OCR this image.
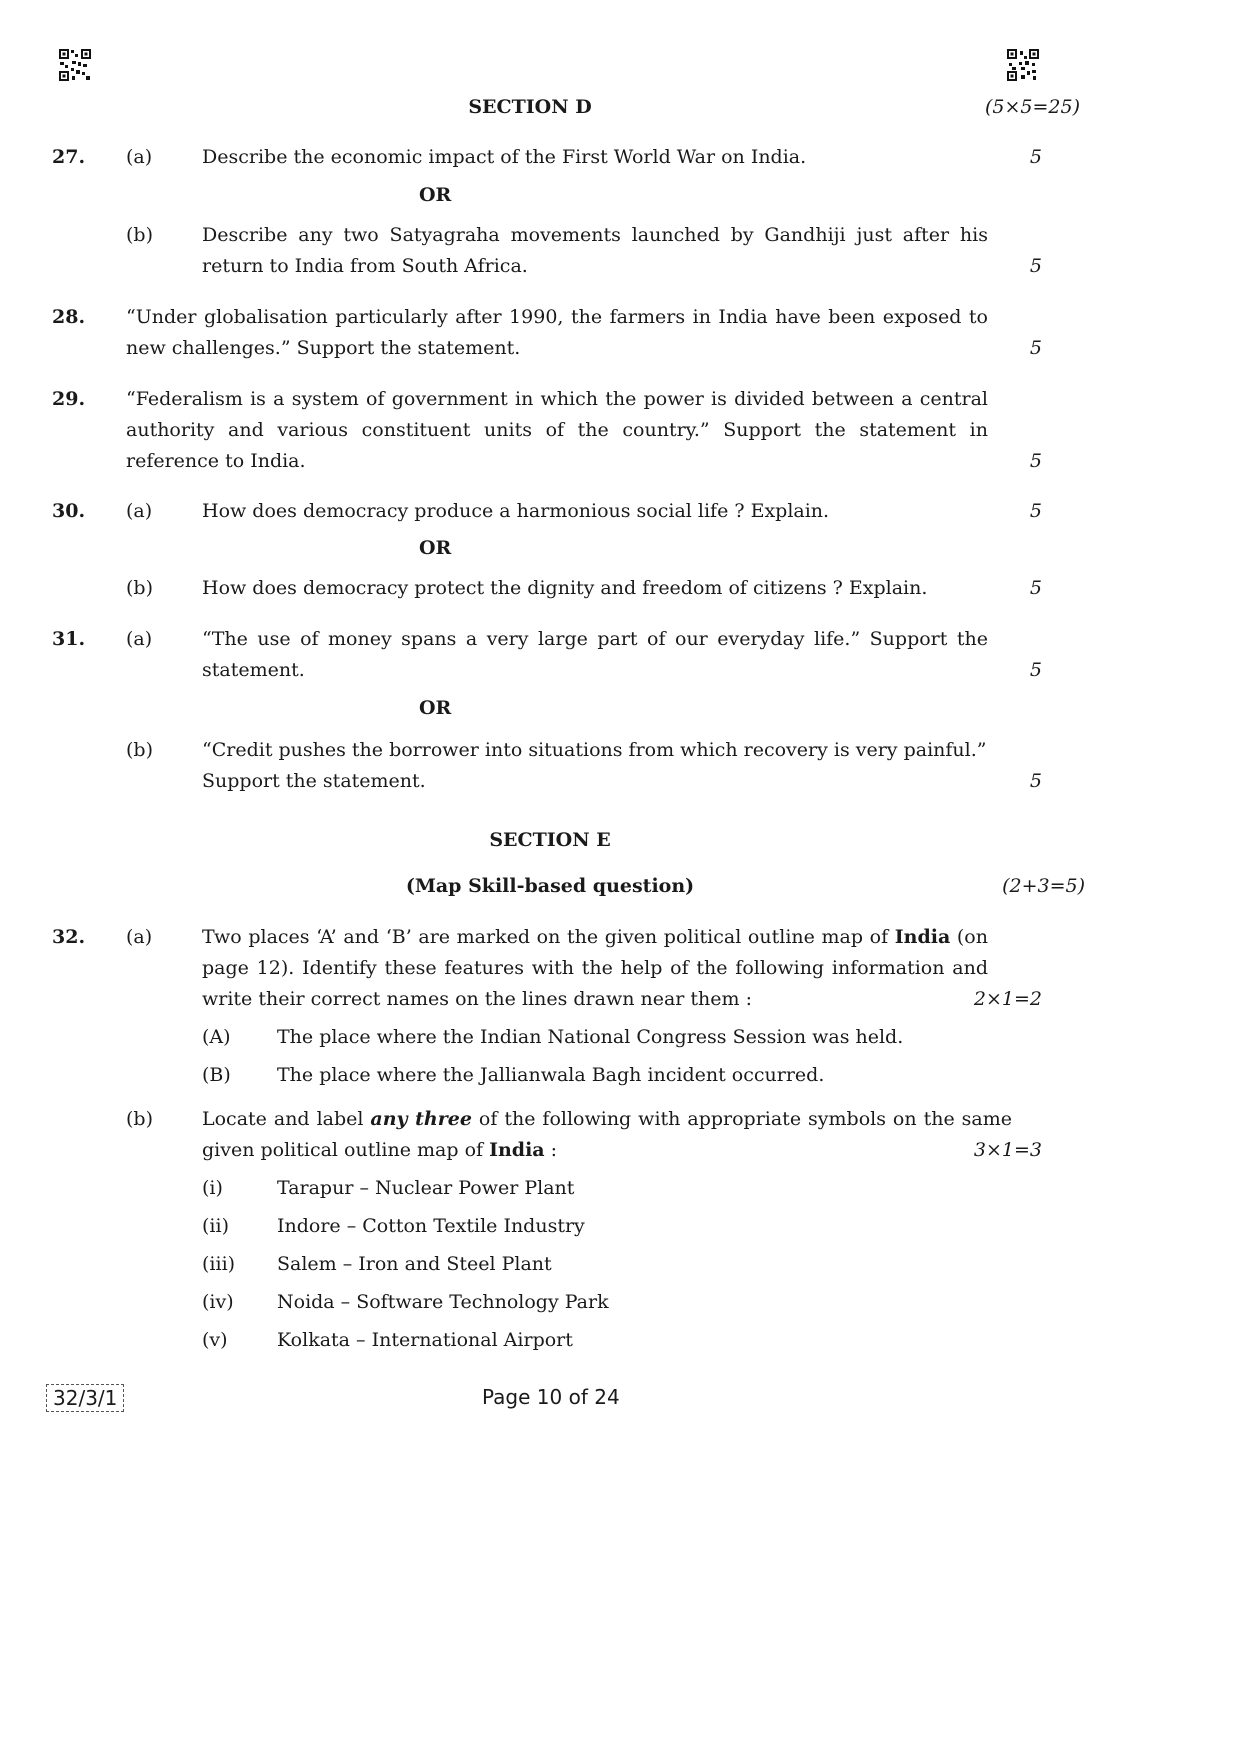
SECTION D	(5×5=25)
27. (a)	Describe the economic impact of the First World War on India.	5
OR
(b)	Describe any two Satyagraha movements launched by Gandhiji just after his
return to India from South Africa.	5
28. “Under globalisation particularly after 1990, the farmers in India have been exposed to
new challenges.” Support the statement.	5
29. “Federalism is a system of government in which the power is divided between a central
authority and various constituent units of the country.” Support the statement in
reference to India.	5
30. (a)	How does democracy produce a harmonious social life ? Explain.	5
OR
(b)	How does democracy protect the dignity and freedom of citizens ? Explain.	5
31. (a)	“The use of money spans a very large part of our everyday life.” Support the
statement.	5
OR
(b)	“Credit pushes the borrower into situations from which recovery is very painful.”
Support the statement.	5
SECTION E
(Map Skill-based question)	(2+3=5)
32. (a)	Two places ‘A’ and ‘B’ are marked on the given political outline map of India (on
page 12). Identify these features with the help of the following information and
write their correct names on the lines drawn near them :	2×1=2
(A) The place where the Indian National Congress Session was held.
(B) The place where the Jallianwala Bagh incident occurred.
(b)	Locate and label any three of the following with appropriate symbols on the same
given political outline map of India :	3×1=3
(i)	Tarapur – Nuclear Power Plant
(ii)	Indore – Cotton Textile Industry
(iii) Salem – Iron and Steel Plant
(iv) Noida – Software Technology Park
(v)	Kolkata – International Airport
32/3/1	Page 10 of 24
